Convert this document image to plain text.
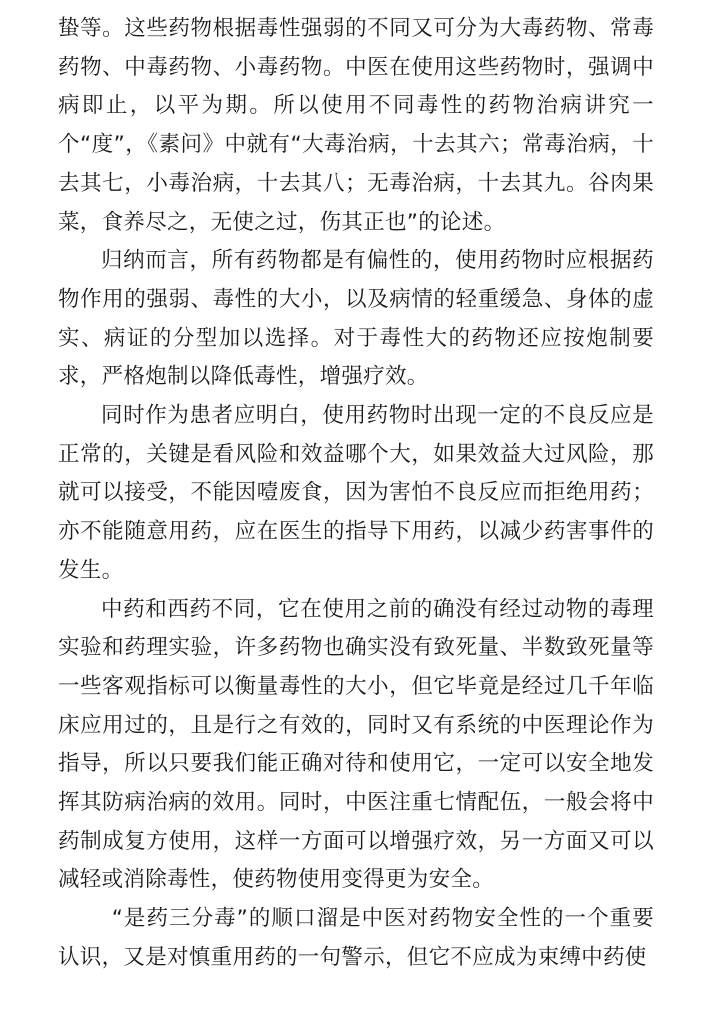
蛰等。这些药物根据毒性强弱的不同又可分为大毒药物、常毒药物、中毒药物、小毒药物。中医在使用这些药物时，强调中病即止，以平为期。所以使用不同毒性的药物治病讲究一个“度”，《素问》中就有“大毒治病，十去其六；常毒治病，十去其七，小毒治病，十去其八；无毒治病，十去其九。谷肉果菜，食养尽之，无使之过，伤其正也”的论述。

归纳而言，所有药物都是有偏性的，使用药物时应根据药物作用的强弱、毒性的大小，以及病情的轻重缓急、身体的虚实、病证的分型加以选择。对于毒性大的药物还应按炮制要求，严格炮制以降低毒性，增强疗效。

同时作为患者应明白，使用药物时出现一定的不良反应是正常的，关键是看风险和效益哪个大，如果效益大过风险，那就可以接受，不能因噎废食，因为害怕不良反应而拒绝用药；亦不能随意用药，应在医生的指导下用药，以减少药害事件的发生。

中药和西药不同，它在使用之前的确没有经过动物的毒理实验和药理实验，许多药物也确实没有致死量、半数致死量等一些客观指标可以衡量毒性的大小，但它毕竟是经过几千年临床应用过的，且是行之有效的，同时又有系统的中医理论作为指导，所以只要我们能正确对待和使用它，一定可以安全地发挥其防病治病的效用。同时，中医注重七情配伍，一般会将中药制成复方使用，这样一方面可以增强疗效，另一方面又可以减轻或消除毒性，使药物使用变得更为安全。

“是药三分毒”的顺口溜是中医对药物安全性的一个重要认识，又是对慎重用药的一句警示，但它不应成为束缚中药使
